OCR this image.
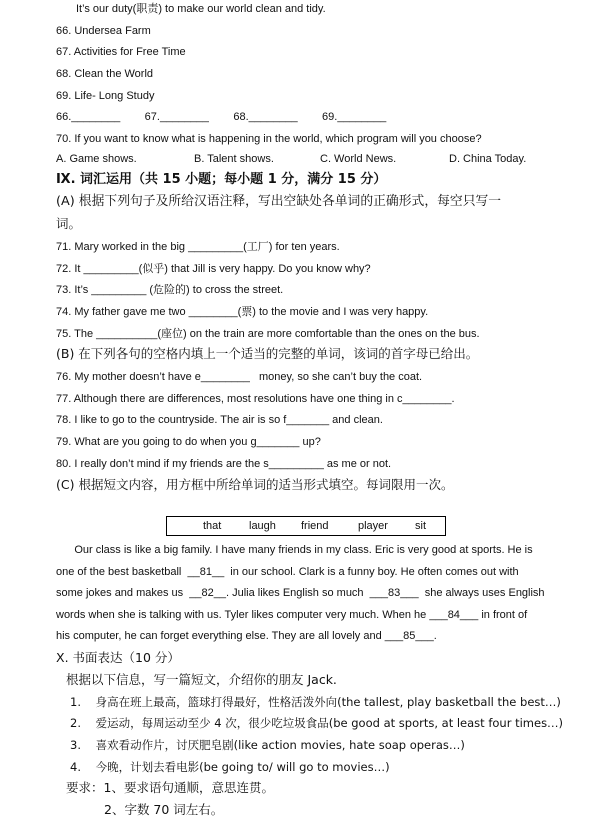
It’s our duty(职责) to make our world clean and tidy.
66. Undersea Farm
67. Activities for Free Time
68. Clean the World
69. Life- Long Study
66.________        67.________        68.________        69.________
70. If you want to know what is happening in the world, which program will you choose?
A. Game shows.	B. Talent shows.	C. World News.	D. China Today.
Ⅸ. 词汇运用（共 15 小题；每小题 1 分，满分 15 分）
(A) 根据下列句子及所给汉语注释，写出空缺处各单词的正确形式，每空只写一
词。
71. Mary worked in the big _________(工厂) for ten years.
72. It _________(似乎) that Jill is very happy. Do you know why?
73. It’s _________ (危险的) to cross the street.
74. My father gave me two ________(票) to the movie and I was very happy.
75. The __________(座位) on the train are more comfortable than the ones on the bus.
(B) 在下列各句的空格内填上一个适当的完整的单词，该词的首字母已给出。
76. My mother doesn’t have e________   money, so she can’t buy the coat.
77. Although there are differences, most resolutions have one thing in c________.
78. I like to go to the countryside. The air is so f_______ and clean.
79. What are you going to do when you g_______ up?
80. I really don’t mind if my friends are the s_________ as me or not.
(C) 根据短文内容，用方框中所给单词的适当形式填空。每词限用一次。
that	laugh friend	player sit
Our class is like a big family. I have many friends in my class. Eric is very good at sports. He is
one of the best basketball  __81__  in our school. Clark is a funny boy. He often comes out with
some jokes and makes us  __82__. Julia likes English so much  ___83___  she always uses English
words when she is talking with us. Tyler likes computer very much. When he ___84___ in front of
his computer, he can forget everything else. They are all lovely and ___85___.
X. 书面表达（10 分）
根据以下信息，写一篇短文，介绍你的朋友 Jack.
1.    身高在班上最高，篮球打得最好，性格活泼外向(the tallest, play basketball the best…)
2.    爱运动，每周运动至少 4 次，很少吃垃圾食品(be good at sports, at least four times…)
3.    喜欢看动作片，讨厌肥皂剧(like action movies, hate soap operas…)
4.    今晚，计划去看电影(be going to/ will go to movies…)
要求：1、要求语句通顺，意思连贯。
2、字数 70 词左右。
